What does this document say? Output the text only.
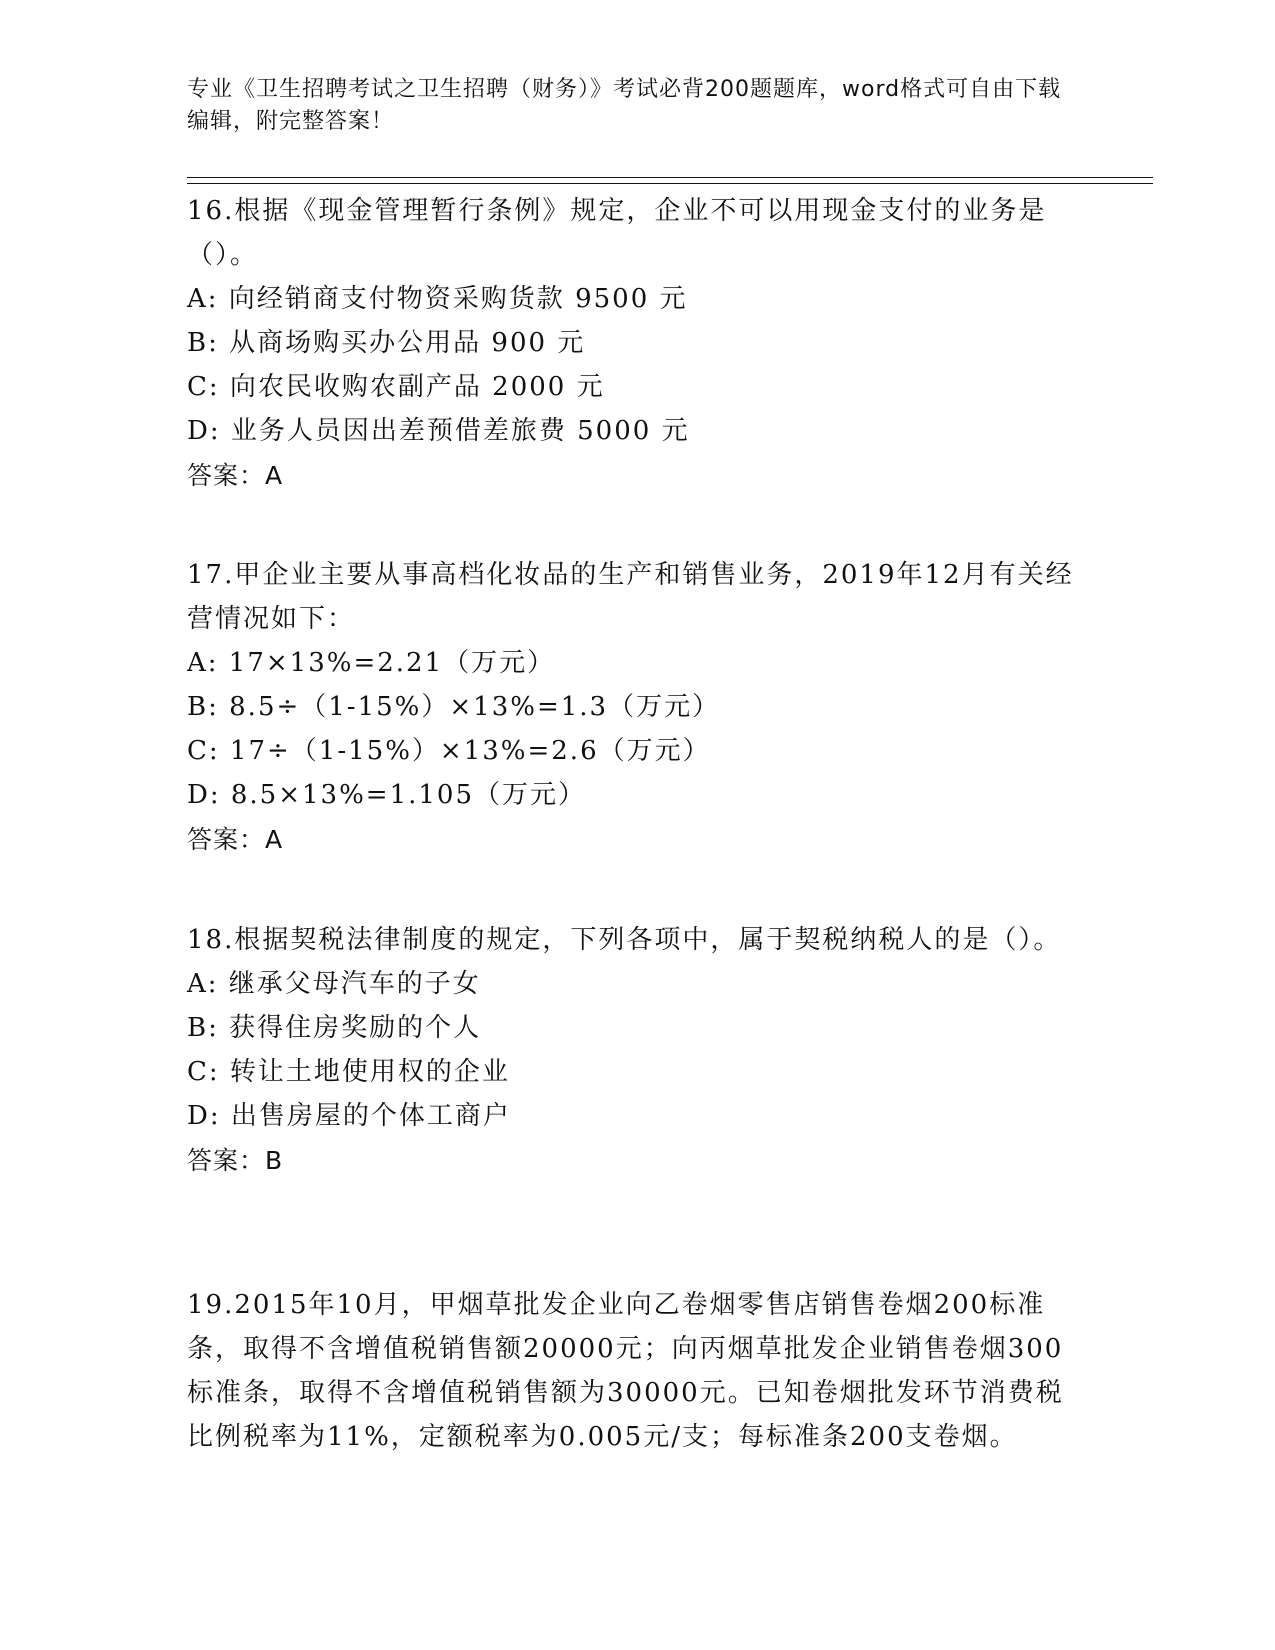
专业《卫生招聘考试之卫生招聘（财务）》考试必背200题题库，word格式可自由下载编辑，附完整答案！

16.根据《现金管理暂行条例》规定，企业不可以用现金支付的业务是（）。

A: 向经销商支付物资采购货款 9500 元

B: 从商场购买办公用品 900 元

C: 向农民收购农副产品 2000 元

D: 业务人员因出差预借差旅费 5000 元

答案：A

17.甲企业主要从事高档化妆品的生产和销售业务，2019年12月有关经营情况如下：

A: 17×13%=2.21（万元）

B: 8.5÷（1-15%）×13%=1.3（万元）

C: 17÷（1-15%）×13%=2.6（万元）

D: 8.5×13%=1.105（万元）

答案：A

18.根据契税法律制度的规定，下列各项中，属于契税纳税人的是（）。

A: 继承父母汽车的子女

B: 获得住房奖励的个人

C: 转让土地使用权的企业

D: 出售房屋的个体工商户

答案：B

19.2015年10月，甲烟草批发企业向乙卷烟零售店销售卷烟200标准条，取得不含增值税销售额20000元；向丙烟草批发企业销售卷烟300标准条，取得不含增值税销售额为30000元。已知卷烟批发环节消费税比例税率为11%，定额税率为0.005元/支；每标准条200支卷烟。
